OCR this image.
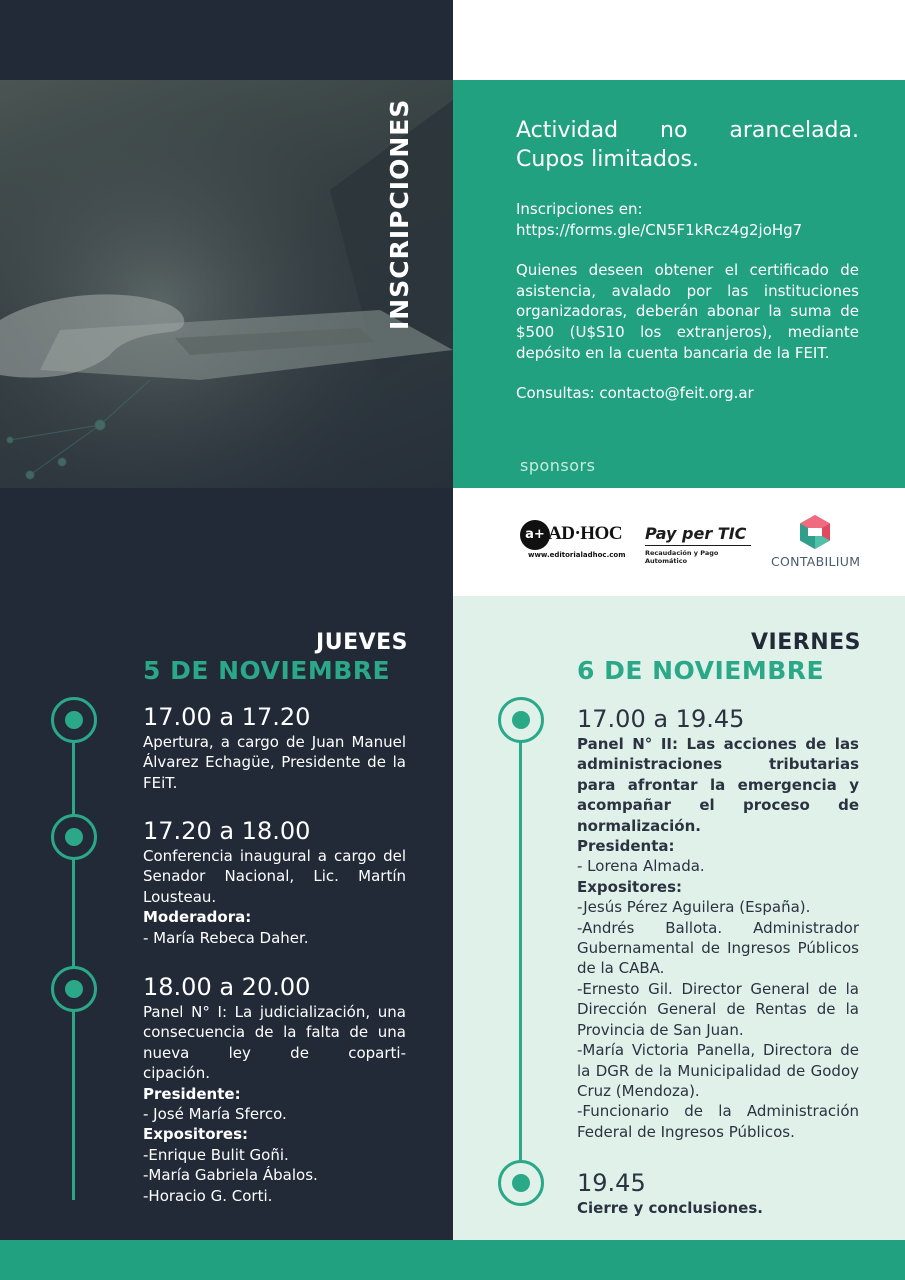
INSCRIPCIONES	Actividad no arancelada. Cupos limitados.

Inscripciones en:

https://forms.gle/CN5F1kRcz4g2joHg7

Quienes deseen obtener el certificado de asistencia, avalado por las instituciones organizadoras, deberán abonar la suma de $500 (U$S10 los extranjeros), mediante depósito en la cuenta bancaria de la FEIT.

Consultas: contacto@feit.org.ar

sponsors
a+ AD·HOC
www.editorialadhoc.com
Pay per TIC
Recaudación y Pago Automático	CONTABILIUM
JUEVES
5 DE NOVIEMBRE
VIERNES
6 DE NOVIEMBRE
17.00 a 17.20
Apertura, a cargo de Juan Manuel Álvarez Echagüe, Presidente de la FEiT.
17.20 a 18.00
Conferencia inaugural a cargo del Senador Nacional, Lic. Martín Lousteau.
Moderadora:
- María Rebeca Daher.
18.00 a 20.00
Panel N° I: La judicialización, una consecuencia de la falta de una nueva ley de coparti-
cipación.
Presidente:
- José María Sferco.
Expositores:
-Enrique Bulit Goñi.
-María Gabriela Ábalos.
-Horacio G. Corti.
17.00 a 19.45
Panel N° II: Las acciones de las administraciones tributarias para afrontar la emergencia y acompañar el proceso de
normalización.
Presidenta:
- Lorena Almada.
Expositores:
-Jesús Pérez Aguilera (España).
-Andrés Ballota. Administrador Gubernamental de Ingresos Públicos de la CABA.
-Ernesto Gil. Director General de la Dirección General de Rentas de la Provincia de San Juan.
-María Victoria Panella, Directora de la DGR de la Municipalidad de Godoy Cruz (Mendoza).
-Funcionario de la Administración Federal de Ingresos Públicos.
19.45
Cierre y conclusiones.
